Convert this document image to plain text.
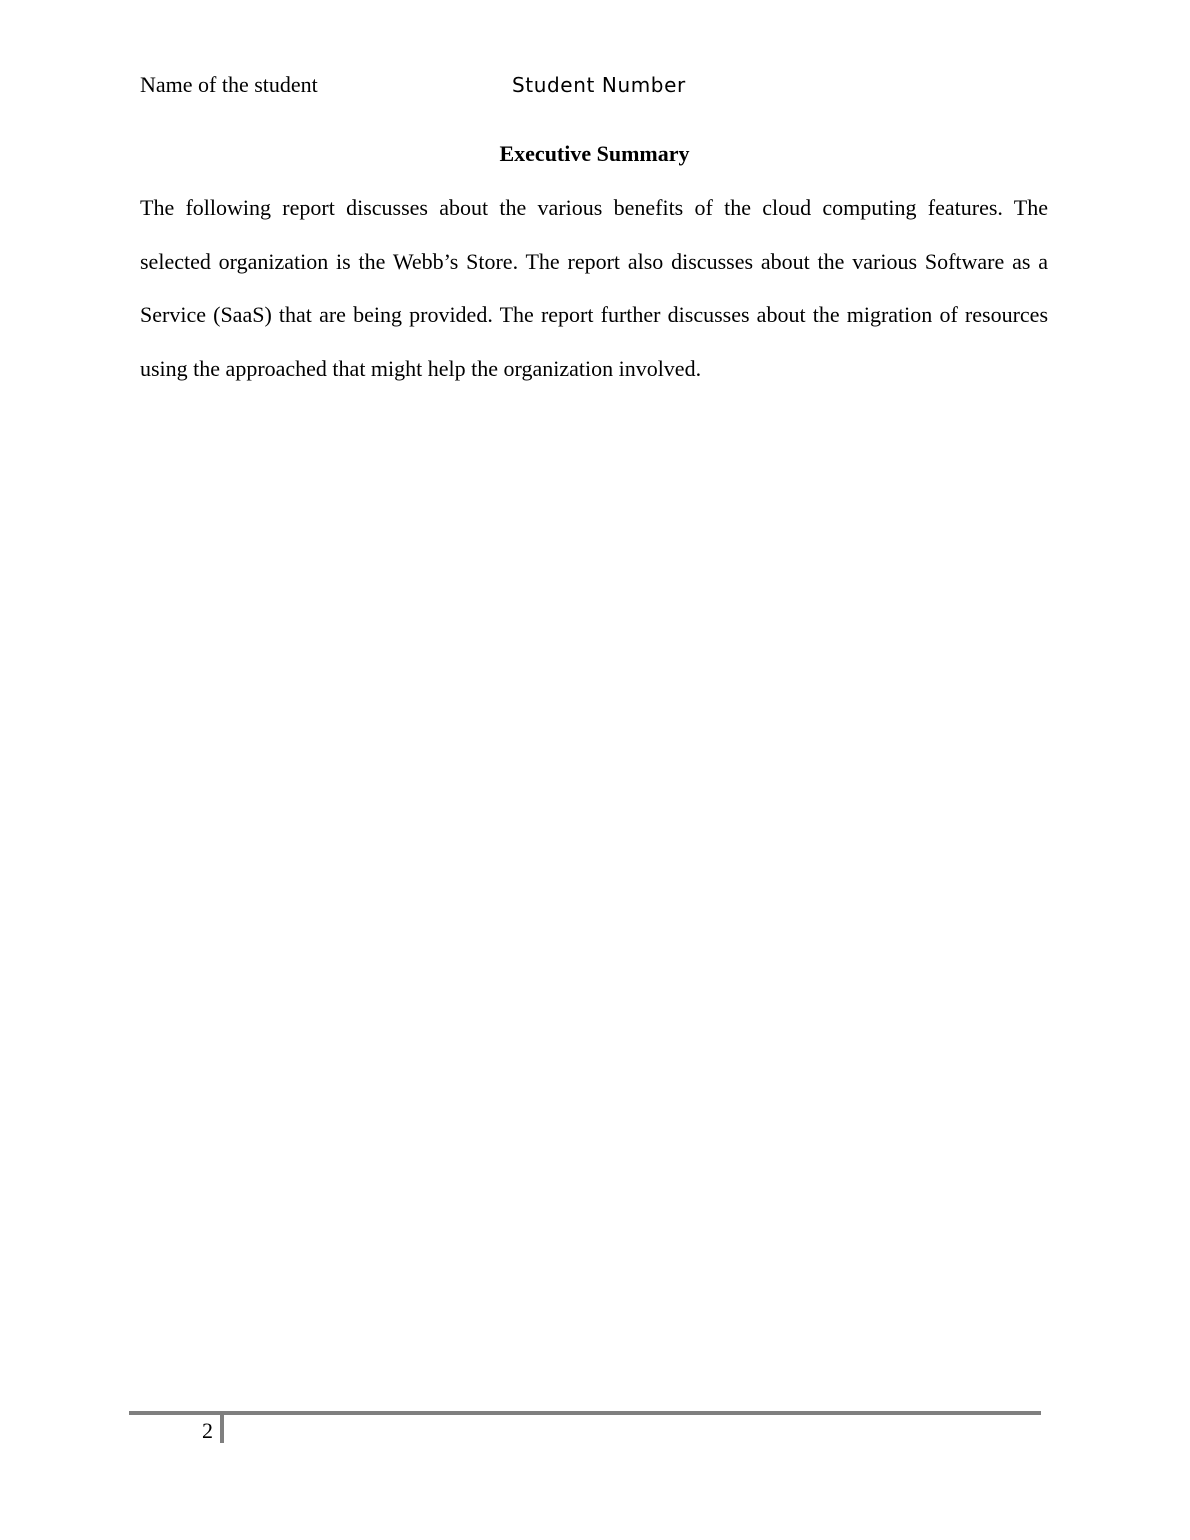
Name of the student	Student Number
Executive Summary

The following report discusses about the various benefits of the cloud computing features. The selected organization is the Webb’s Store. The report also discusses about the various Software as a Service (SaaS) that are being provided. The report further discusses about the migration of resources using the approached that might help the organization involved.

2
